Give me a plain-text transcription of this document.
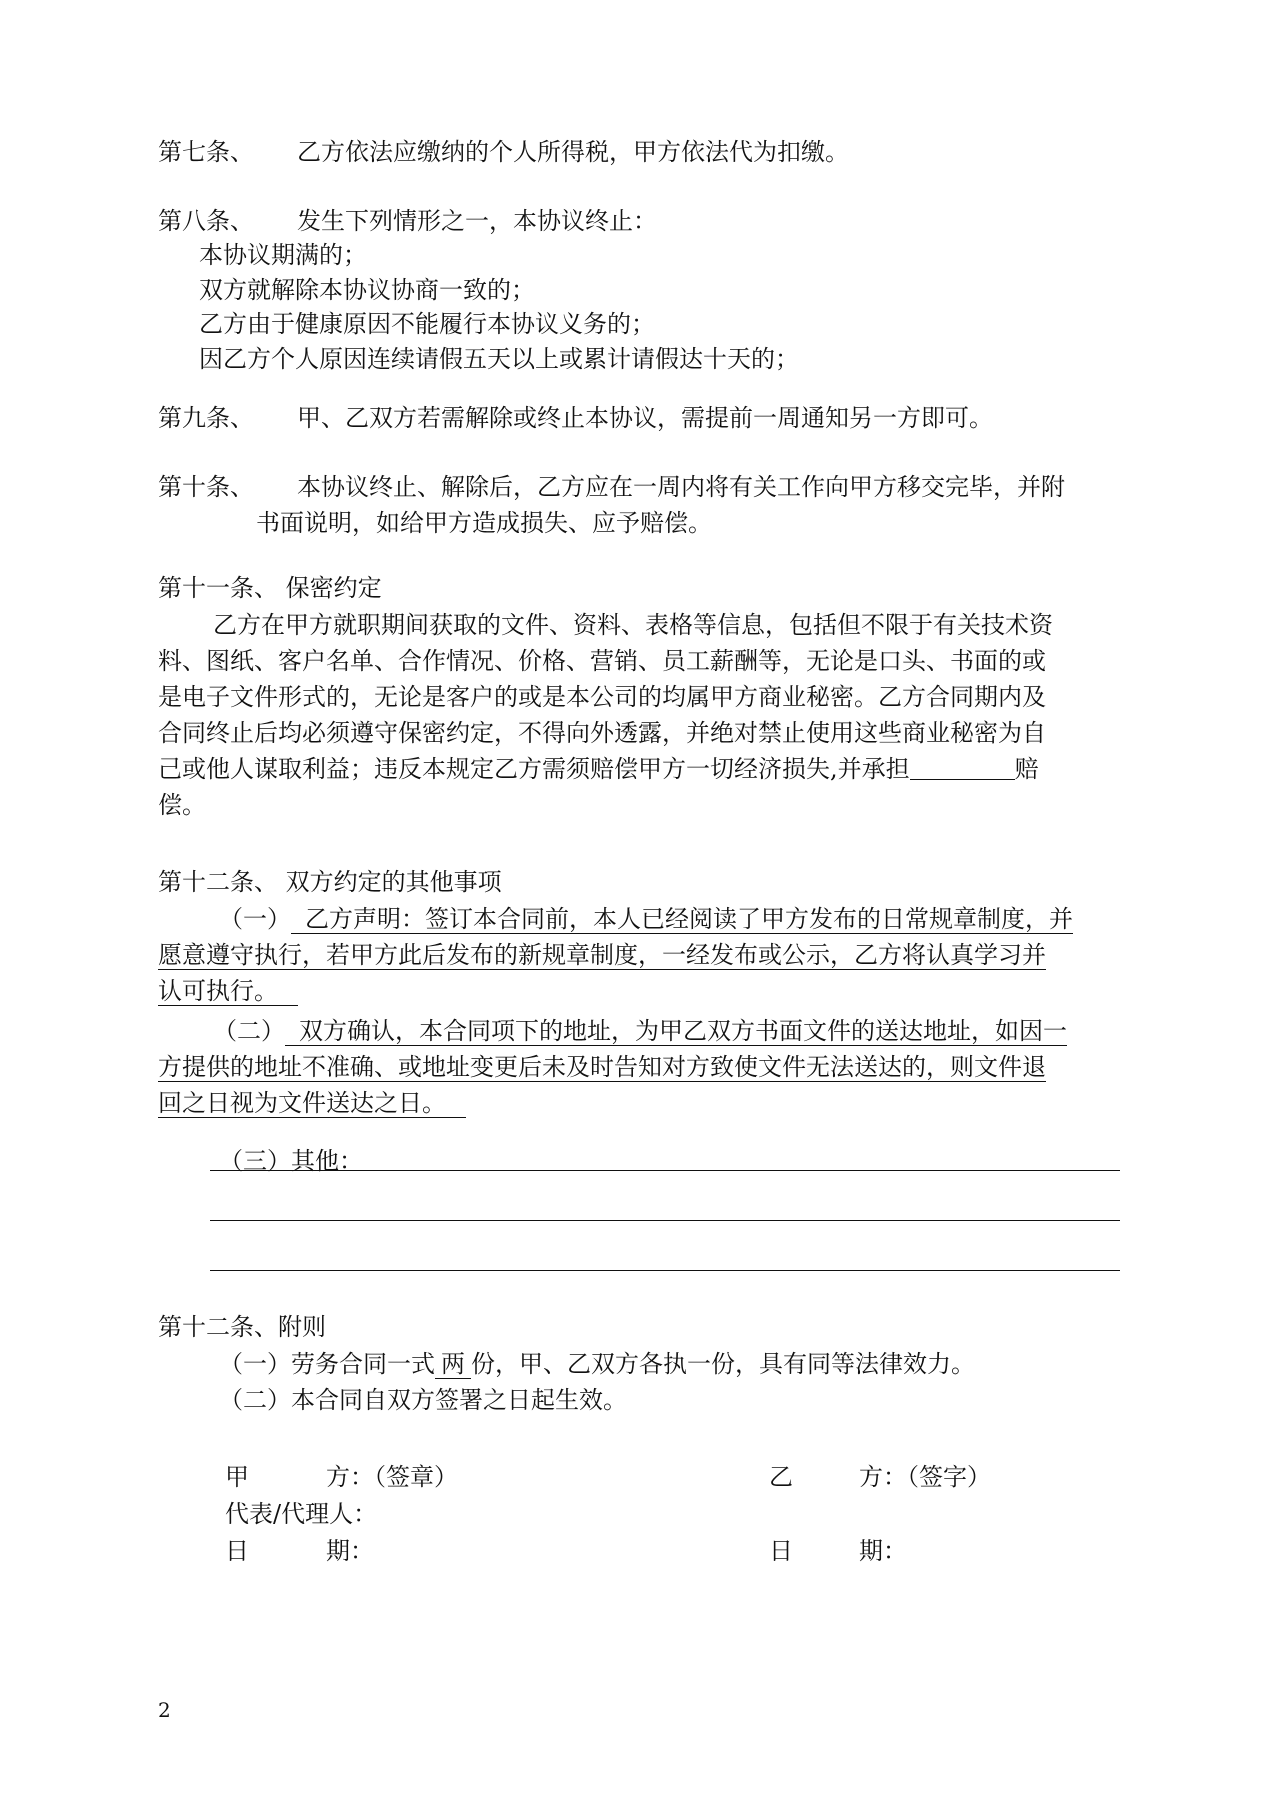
第七条、 乙方依法应缴纳的个人所得税，甲方依法代为扣缴。
第八条、 发生下列情形之一，本协议终止：
本协议期满的；
双方就解除本协议协商一致的；
乙方由于健康原因不能履行本协议义务的；
因乙方个人原因连续请假五天以上或累计请假达十天的；
第九条、 甲、乙双方若需解除或终止本协议，需提前一周通知另一方即可。
第十条、 本协议终止、解除后，乙方应在一周内将有关工作向甲方移交完毕，并附
书面说明，如给甲方造成损失、应予赔偿。
第十一条、 保密约定
乙方在甲方就职期间获取的文件、资料、表格等信息，包括但不限于有关技术资
料、图纸、客户名单、合作情况、价格、营销、员工薪酬等，无论是口头、书面的或
是电子文件形式的，无论是客户的或是本公司的均属甲方商业秘密。乙方合同期内及
合同终止后均必须遵守保密约定，不得向外透露，并绝对禁止使用这些商业秘密为自
己或他人谋取利益；违反本规定乙方需须赔偿甲方一切经济损失,并承担	赔
偿。
第十二条、 双方约定的其他事项
（一） 乙方声明：签订本合同前，本人已经阅读了甲方发布的日常规章制度，并
愿意遵守执行，若甲方此后发布的新规章制度，一经发布或公示，乙方将认真学习并
认可执行。
（二） 双方确认，本合同项下的地址，为甲乙双方书面文件的送达地址，如因一
方提供的地址不准确、或地址变更后未及时告知对方致使文件无法送达的，则文件退
回之日视为文件送达之日。
（三）其他：
第十二条、附则
（一）劳务合同一式 两 份，甲、乙双方各执一份，具有同等法律效力。
（二）本合同自双方签署之日起生效。
甲	方：（签章）	乙	方：（签字）
代表/代理人：
日	期：	日	期：
2
